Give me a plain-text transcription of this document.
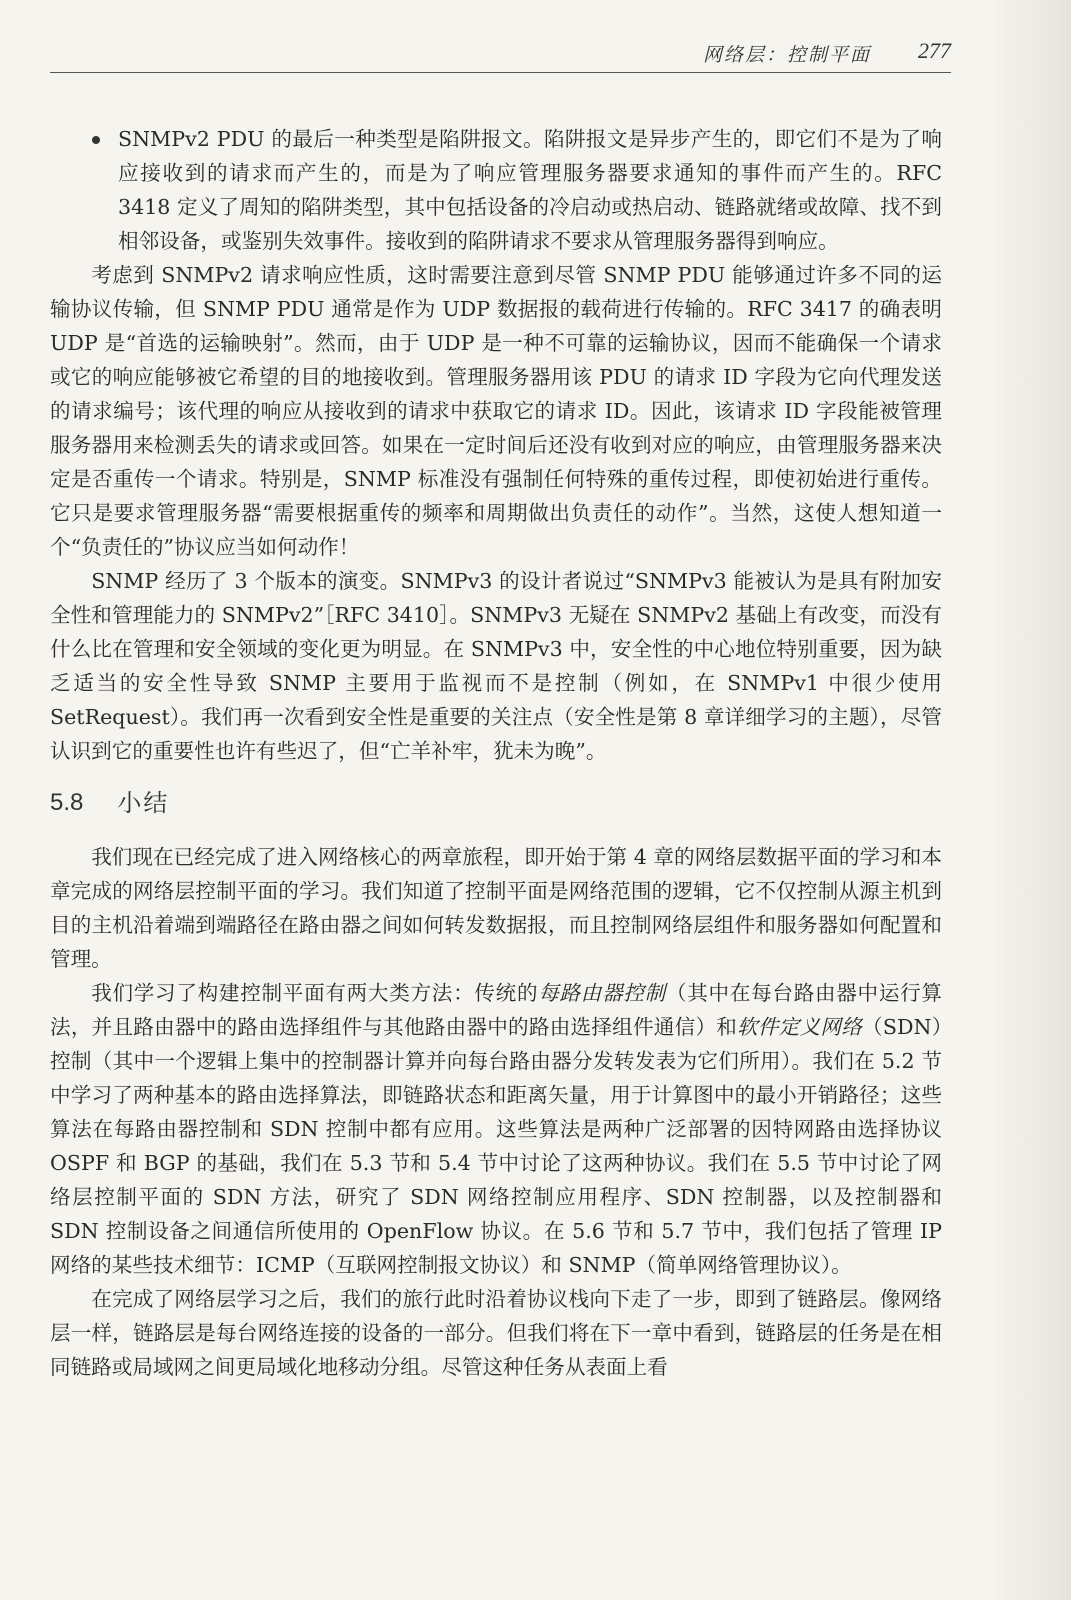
网络层：控制平面 277

SNMPv2 PDU 的最后一种类型是陷阱报文。陷阱报文是异步产生的，即它们不是为了响应接收到的请求而产生的，而是为了响应管理服务器要求通知的事件而产生的。RFC 3418 定义了周知的陷阱类型，其中包括设备的冷启动或热启动、链路就绪或故障、找不到相邻设备，或鉴别失效事件。接收到的陷阱请求不要求从管理服务器得到响应。

考虑到 SNMPv2 请求响应性质，这时需要注意到尽管 SNMP PDU 能够通过许多不同的运输协议传输，但 SNMP PDU 通常是作为 UDP 数据报的载荷进行传输的。RFC 3417 的确表明 UDP 是“首选的运输映射”。然而，由于 UDP 是一种不可靠的运输协议，因而不能确保一个请求或它的响应能够被它希望的目的地接收到。管理服务器用该 PDU 的请求 ID 字段为它向代理发送的请求编号；该代理的响应从接收到的请求中获取它的请求 ID。因此，该请求 ID 字段能被管理服务器用来检测丢失的请求或回答。如果在一定时间后还没有收到对应的响应，由管理服务器来决定是否重传一个请求。特别是，SNMP 标准没有强制任何特殊的重传过程，即使初始进行重传。它只是要求管理服务器“需要根据重传的频率和周期做出负责任的动作”。当然，这使人想知道一个“负责任的”协议应当如何动作！

SNMP 经历了 3 个版本的演变。SNMPv3 的设计者说过“SNMPv3 能被认为是具有附加安全性和管理能力的 SNMPv2”［RFC 3410］。SNMPv3 无疑在 SNMPv2 基础上有改变，而没有什么比在管理和安全领域的变化更为明显。在 SNMPv3 中，安全性的中心地位特别重要，因为缺乏适当的安全性导致 SNMP 主要用于监视而不是控制（例如，在 SNMPv1 中很少使用 SetRequest）。我们再一次看到安全性是重要的关注点（安全性是第 8 章详细学习的主题），尽管认识到它的重要性也许有些迟了，但“亡羊补牢，犹未为晚”。

5.8 小结

我们现在已经完成了进入网络核心的两章旅程，即开始于第 4 章的网络层数据平面的学习和本章完成的网络层控制平面的学习。我们知道了控制平面是网络范围的逻辑，它不仅控制从源主机到目的主机沿着端到端路径在路由器之间如何转发数据报，而且控制网络层组件和服务器如何配置和管理。

我们学习了构建控制平面有两大类方法：传统的每路由器控制（其中在每台路由器中运行算法，并且路由器中的路由选择组件与其他路由器中的路由选择组件通信）和软件定义网络（SDN）控制（其中一个逻辑上集中的控制器计算并向每台路由器分发转发表为它们所用）。我们在 5.2 节中学习了两种基本的路由选择算法，即链路状态和距离矢量，用于计算图中的最小开销路径；这些算法在每路由器控制和 SDN 控制中都有应用。这些算法是两种广泛部署的因特网路由选择协议 OSPF 和 BGP 的基础，我们在 5.3 节和 5.4 节中讨论了这两种协议。我们在 5.5 节中讨论了网络层控制平面的 SDN 方法，研究了 SDN 网络控制应用程序、SDN 控制器，以及控制器和 SDN 控制设备之间通信所使用的 OpenFlow 协议。在 5.6 节和 5.7 节中，我们包括了管理 IP 网络的某些技术细节：ICMP（互联网控制报文协议）和 SNMP（简单网络管理协议）。

在完成了网络层学习之后，我们的旅行此时沿着协议栈向下走了一步，即到了链路层。像网络层一样，链路层是每台网络连接的设备的一部分。但我们将在下一章中看到，链路层的任务是在相同链路或局域网之间更局域化地移动分组。尽管这种任务从表面上看
